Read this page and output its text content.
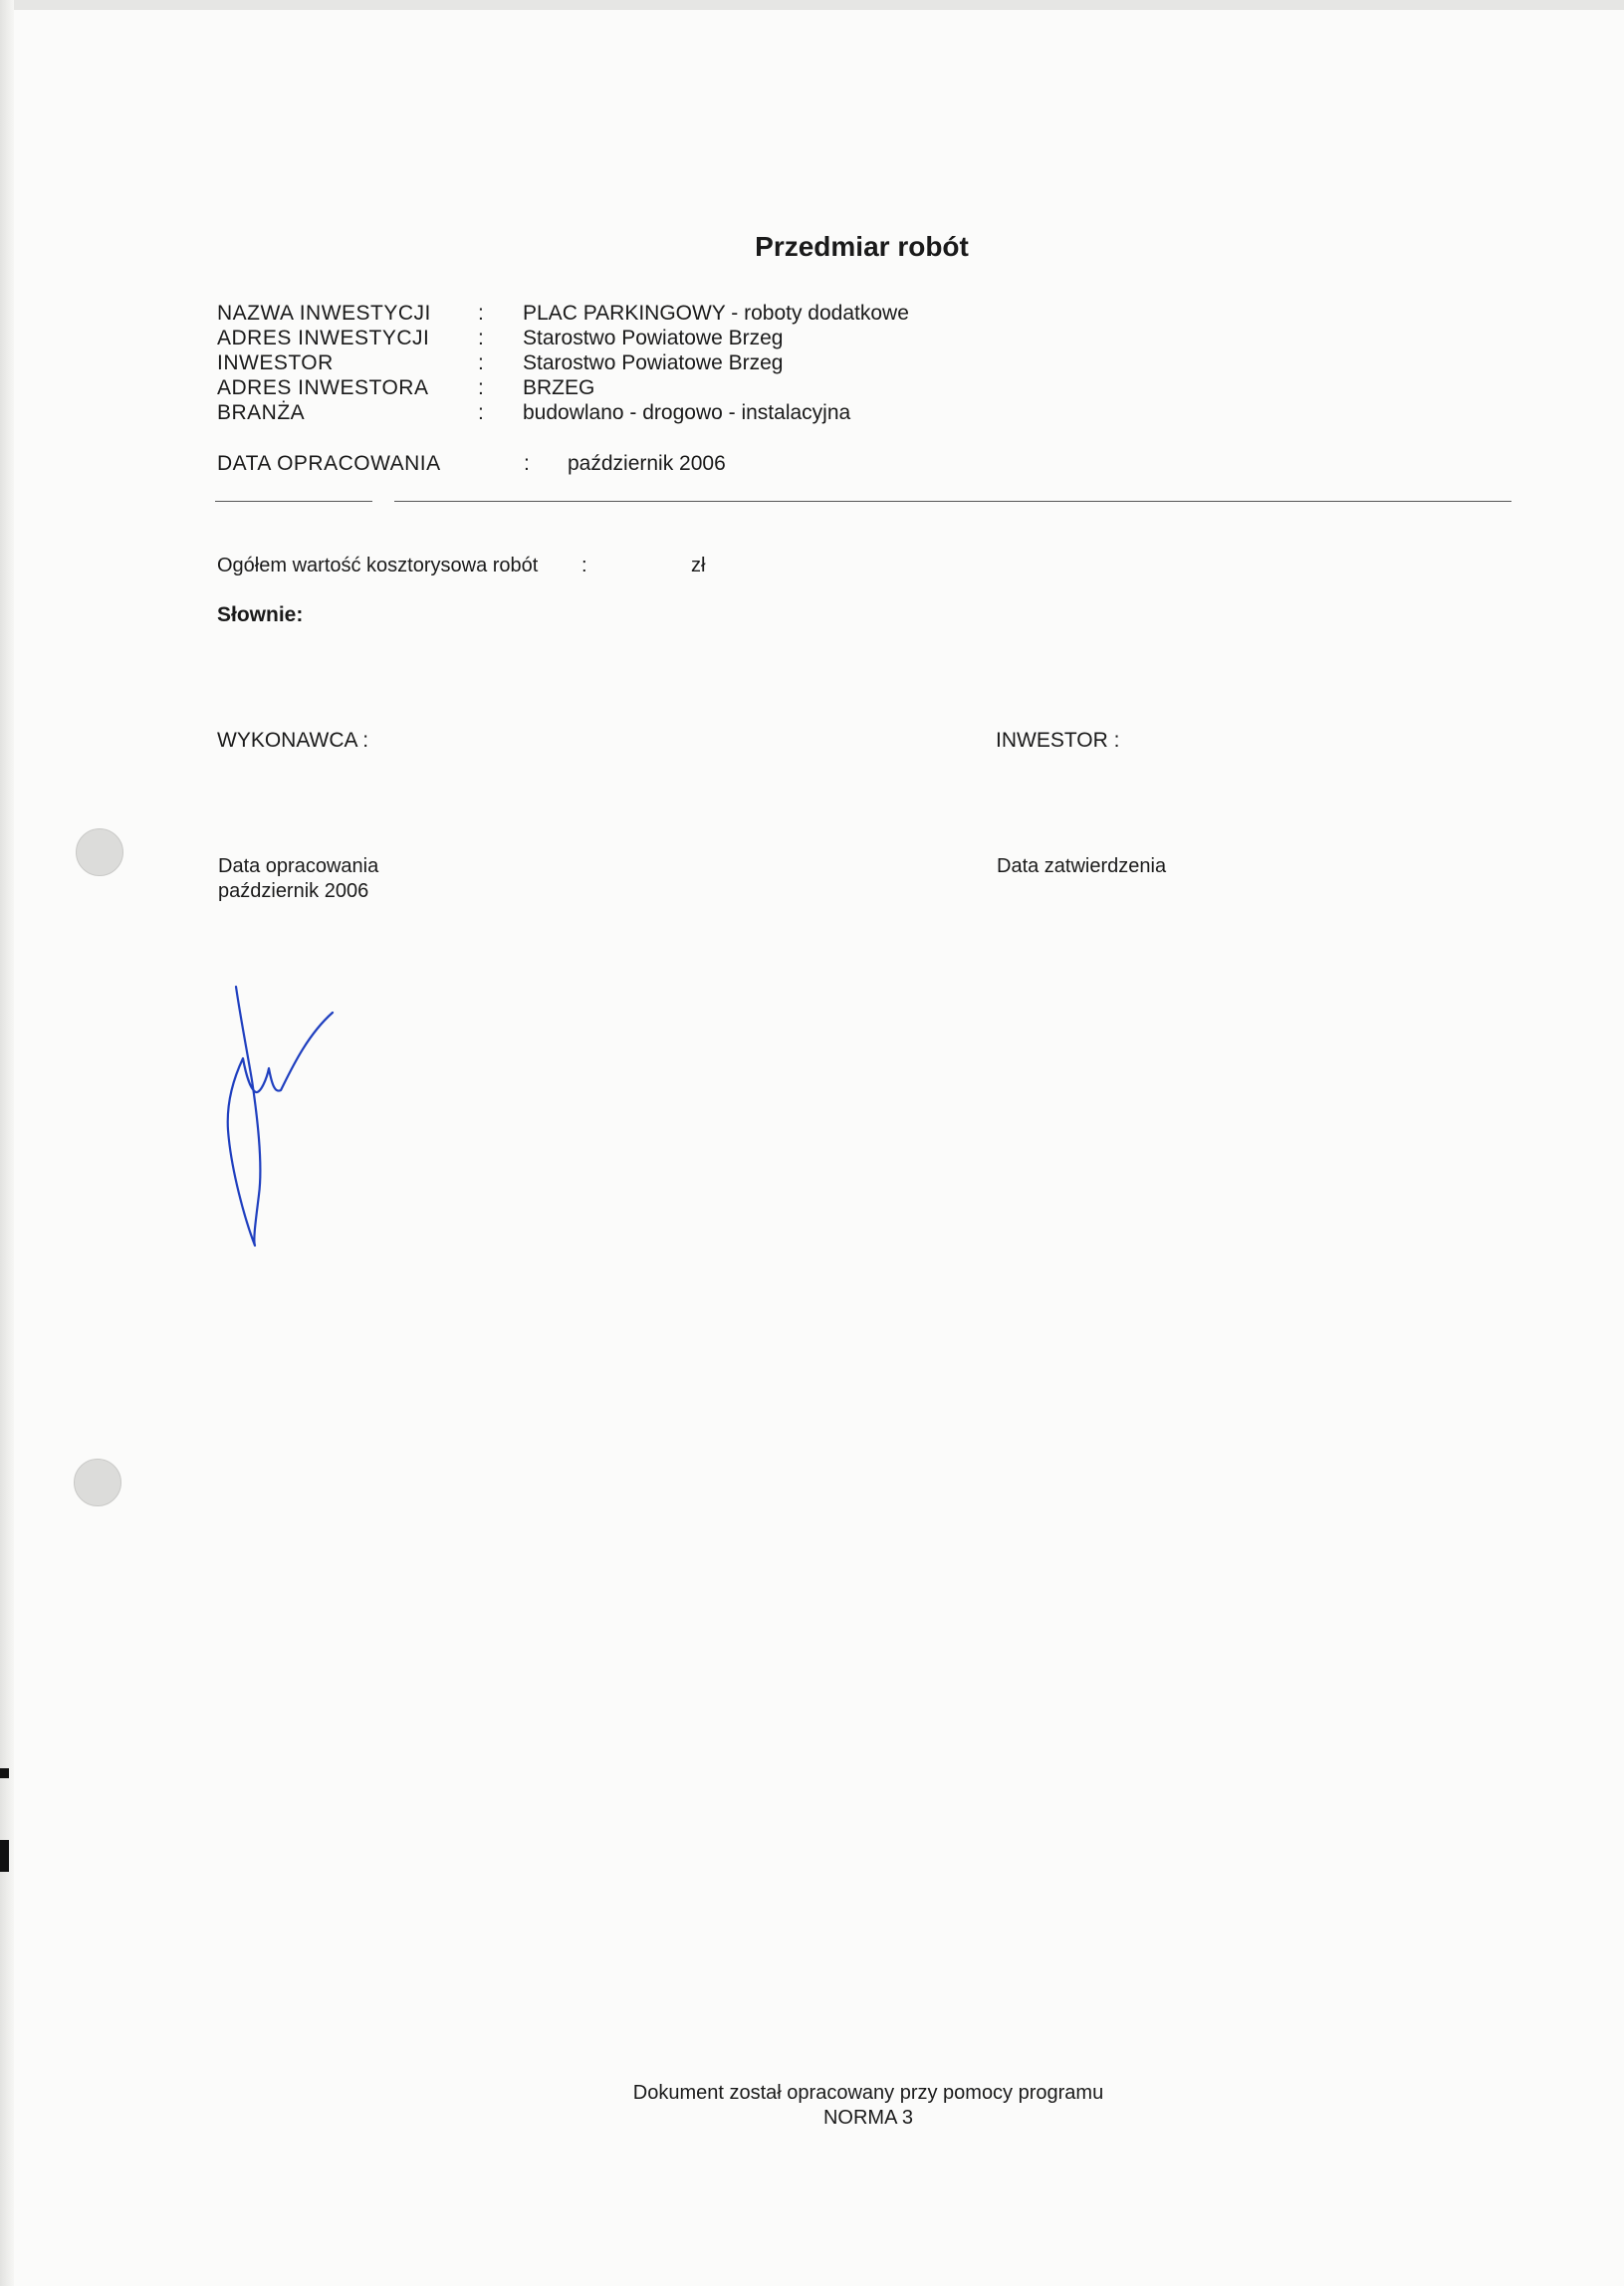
Przedmiar robót
NAZWA INWESTYCJI	:	PLAC PARKINGOWY - roboty dodatkowe
ADRES INWESTYCJI	:	Starostwo Powiatowe Brzeg
INWESTOR	:	Starostwo Powiatowe Brzeg
ADRES INWESTORA	:	BRZEG
BRANŻA	:	budowlano - drogowo - instalacyjna
DATA OPRACOWANIA	:	październik 2006
Ogółem wartość kosztorysowa robót	:	zł
Słownie:
WYKONAWCA :	INWESTOR :
Data opracowania
październik 2006
Data zatwierdzenia
Dokument został opracowany przy pomocy programu
NORMA 3
